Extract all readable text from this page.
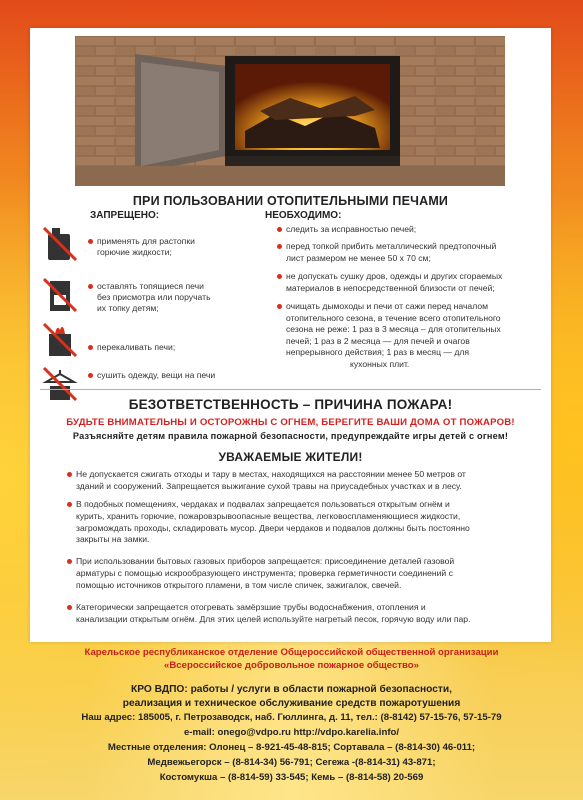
ПРИ ПОЛЬЗОВАНИИ ОТОПИТЕЛЬНЫМИ ПЕЧАМИ
ЗАПРЕЩЕНО:	НЕОБХОДИМО:
применять для растопки
горючие жидкости;
оставлять топящиеся печи
без присмотра или поручать
их топку детям;
перекаливать печи;
сушить одежду, вещи на печи
следить за исправностью печей;
перед топкой прибить металлический предтопочный
лист размером не менее 50 х 70 см;
не допускать сушку дров, одежды и других сгораемых
материалов в непосредственной близости от печей;
очищать дымоходы и печи от сажи перед началом
отопительного сезона, в течение всего отопительного
сезона не реже: 1 раз в 3 месяца – для отопительных
печей; 1 раз в 2 месяца — для печей и очагов
непрерывного действия; 1 раз в месяц — для
кухонных плит.
БЕЗОТВЕТСТВЕННОСТЬ – ПРИЧИНА ПОЖАРА!
БУДЬТЕ ВНИМАТЕЛЬНЫ И ОСТОРОЖНЫ С ОГНЕМ, БЕРЕГИТЕ ВАШИ ДОМА ОТ ПОЖАРОВ!
Разъясняйте детям правила пожарной безопасности, предупреждайте игры детей с огнем!
УВАЖАЕМЫЕ ЖИТЕЛИ!
Не допускается сжигать отходы и тару в местах, находящихся на расстоянии менее 50 метров от
зданий и сооружений. Запрещается выжигание сухой травы на приусадебных участках и в лесу.
В подобных помещениях, чердаках и подвалах запрещается пользоваться открытым огнём и
курить, хранить горючие, пожаровзрывоопасные вещества, легковоспламеняющиеся жидкости,
загромождать проходы, складировать мусор. Двери чердаков и подвалов должны быть постоянно
закрыты на замки.
При использовании бытовых газовых приборов запрещается: присоединение деталей газовой
арматуры с помощью искрообразующего инструмента; проверка герметичности соединений с
помощью источников открытого пламени, в том числе спичек, зажигалок, свечей.
Категорически запрещается отогревать замёрзшие трубы водоснабжения, отопления и
канализации открытым огнём. Для этих целей используйте нагретый песок, горячую воду или пар.
Карельское республиканское отделение Общероссийской общественной организации
«Всероссийское добровольное пожарное общество»
КРО ВДПО: работы / услуги в области пожарной безопасности,
реализация и техническое обслуживание средств пожаротушения
Наш адрес: 185005, г. Петрозаводск, наб. Гюллинга, д. 11, тел.: (8-8142) 57-15-76, 57-15-79
e-mail: onego@vdpo.ru http://vdpo.karelia.info/
Местные отделения: Олонец – 8-921-45-48-815; Сортавала – (8-814-30) 46-011;
Медвежьегорск – (8-814-34) 56-791; Сегежа -(8-814-31) 43-871;
Костомукша – (8-814-59) 33-545; Кемь – (8-814-58) 20-569
